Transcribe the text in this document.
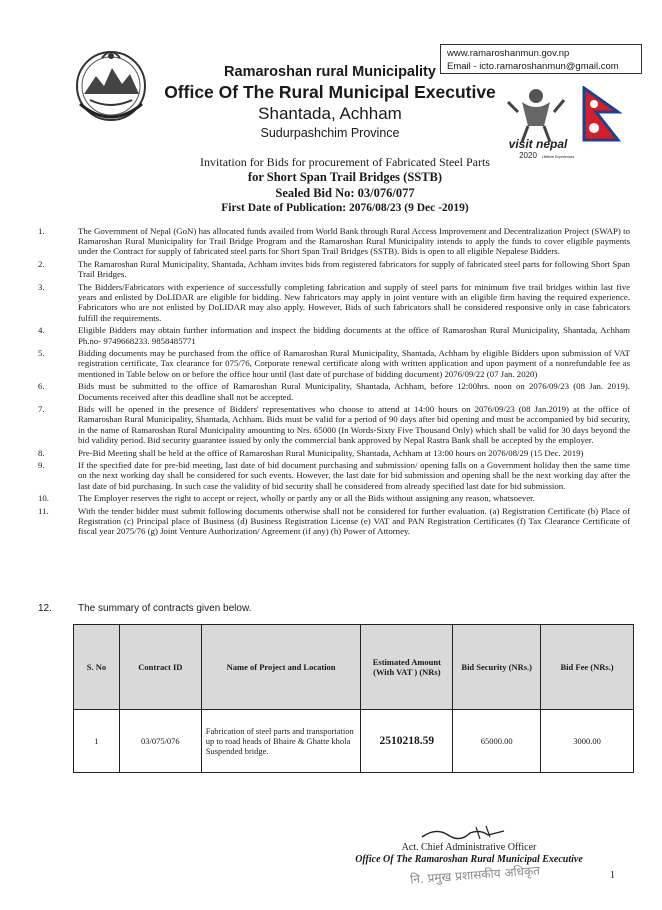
Ramaroshan rural Municipality
Office Of The Rural Municipal Executive
Shantada, Achham
Sudurpashchim Province
www.ramaroshanmun.gov.np
Email - icto.ramaroshanmun@gmail.com
visit nepal
2020 Lifetime Experiences
Invitation for Bids for procurement of Fabricated Steel Parts
for Short Span Trail Bridges (SSTB)
Sealed Bid No: 03/076/077
First Date of Publication: 2076/08/23 (9 Dec -2019)
1.	The Government of Nepal (GoN) has allocated funds availed from World Bank through Rural Access Improvement and Decentralization Project (SWAP) to Ramaroshan Rural Municipality for Trail Bridge Program and the Ramaroshan Rural Municipality intends to apply the funds to cover eligible payments under the Contract for supply of fabricated steel parts for Short Span Trail Bridges (SSTB). Bids is open to all eligible Nepalese Bidders.
2.	The Ramaroshan Rural Municipality, Shantada, Achham invites bids from registered fabricators for supply of fabricated steel parts for following Short Span Trail Bridges.
3.	The Bidders/Fabricators with experience of successfully completing fabrication and supply of steel parts for minimum five trail bridges within last five years and enlisted by DoLIDAR are eligible for bidding. New fabricators may apply in joint venture with an eligible firm having the required experience. Fabricators who are not enlisted by DoLIDAR may also apply. However, Bids of such fabricators shall be considered responsive only in case fabricators fulfill the requirements.
4.	Eligible Bidders may obtain further information and inspect the bidding documents at the office of Ramaroshan Rural Municipality, Shantada, Achham Ph.no- 9749668233. 9858485771
5.	Bidding documents may be purchased from the office of Ramaroshan Rural Municipality, Shantada, Achham by eligible Bidders upon submission of VAT registration certificate, Tax clearance for 075/76, Corporate renewal certificate along with written application and upon payment of a nonrefundable fee as mentioned in Table below on or before the office hour until (last date of purchase of bidding document) 2076/09/22 (07 Jan. 2020)
6.	Bids must be submitted to the office of Ramaroshan Rural Municipality, Shantada, Achham, before 12:00hrs. noon on 2076/09/23 (08 Jan. 2019). Documents received after this deadline shall not be accepted.
7.	Bids will be opened in the presence of Bidders' representatives who choose to attend at 14:00 hours on 2076/09/23 (08 Jan.2019) at the office of Ramaroshan Rural Municipality, Shantada, Achham. Bids must be valid for a period of 90 days after bid opening and must be accompanied by bid security, in the name of Ramaroshan Rural Municipality amounting to Nrs. 65000 (In Words-Sixty Five Thousand Only) which shall be valid for 30 days beyond the bid validity period. Bid security guarantee issued by only the commercial bank approved by Nepal Rastra Bank shall be accepted by the employer.
8.	Pre-Bid Meeting shall be held at the office of Ramaroshan Rural Municipality, Shantada, Achham at 13:00 hours on 2076/08/29 (15 Dec. 2019)
9.	If the specified date for pre-bid meeting, last date of bid document purchasing and submission/ opening falls on a Government holiday then the same time on the next working day shall be considered for such events. However, the last date for bid submission and opening shall be the next working day after the last date of bid purchasing. In such case the validity of bid security shall be considered from already specified last date for bid submission.
10.	The Employer reserves the right to accept or reject, wholly or partly any or all the Bids without assigning any reason, whatsoever.
11.	With the tender bidder must submit following documents otherwise shall not be considered for further evaluation. (a) Registration Certificate (b) Place of Registration (c) Principal place of Business (d) Business Registration License (e) VAT and PAN Registration Certificates (f) Tax Clearance Certificate of fiscal year 2075/76 (g) Joint Venture Authorization/ Agreement (if any) (h) Power of Attorney.
12.	The summary of contracts given below.
S. No	Contract ID	Name of Project and Location	Estimated Amount (With VAT ) (NRs)	Bid Security (NRs.)	Bid Fee (NRs.)
1	03/075/076	Fabrication of steel parts and transportation up to road heads of Bhaire & Ghatte khola Suspended bridge.	2510218.59	65000.00	3000.00
Act. Chief Administrative Officer
Office Of The Ramaroshan Rural Municipal Executive
नि. प्रमुख प्रशासकीय अधिकृत	1
